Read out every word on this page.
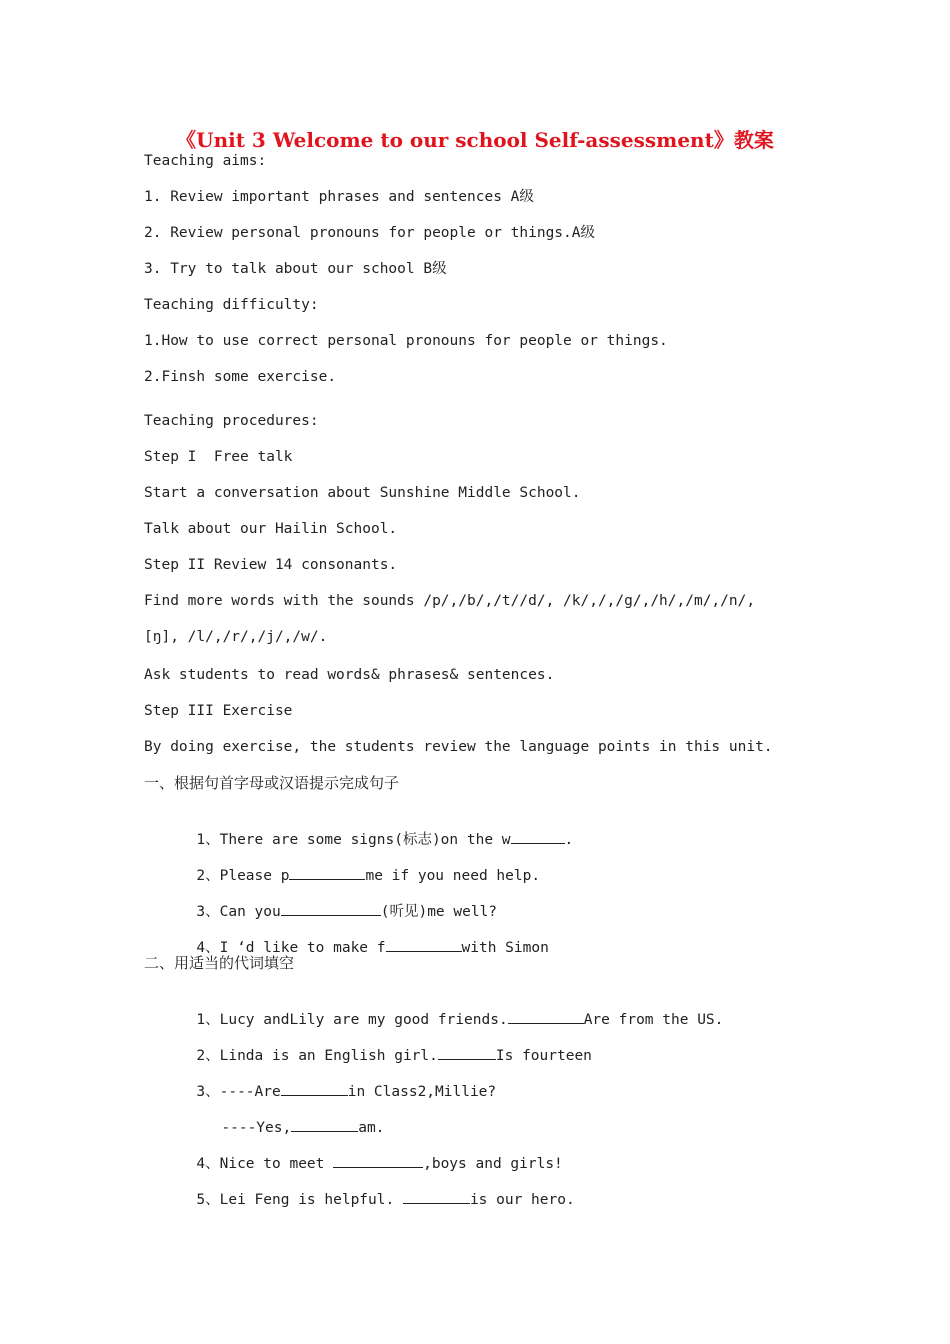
《Unit 3 Welcome to our school Self-assessment》教案
Teaching aims:
1. Review important phrases and sentences A级
2. Review personal pronouns for people or things.A级
3. Try to talk about our school B级
Teaching difficulty:
1.How to use correct personal pronouns for people or things.
2.Finsh some exercise.
Teaching procedures:
Step I  Free talk
Start a conversation about Sunshine Middle School.
Talk about our Hailin School.
Step II Review 14 consonants.
Find more words with the sounds /p/,/b/,/t//d/, /k/,/,/g/,/h/,/m/,/n/,
[ŋ], /l/,/r/,/j/,/w/.
Ask students to read words& phrases& sentences.
Step III Exercise
By doing exercise, the students review the language points in this unit.
一、根据句首字母或汉语提示完成句子

1、There are some signs(标志)on the w	.

2、Please p	me if you need help.

3、Can you	(听见)me well?

4、I ‘d like to make f	with Simon

二、用适当的代词填空

1、Lucy andLily are my good friends.	Are from the US.

2、Linda is an English girl.	Is fourteen

3、----Are	in Class2,Millie?

----Yes,	am.

4、Nice to meet	,boys and girls!

5、Lei Feng is helpful.	is our hero.
